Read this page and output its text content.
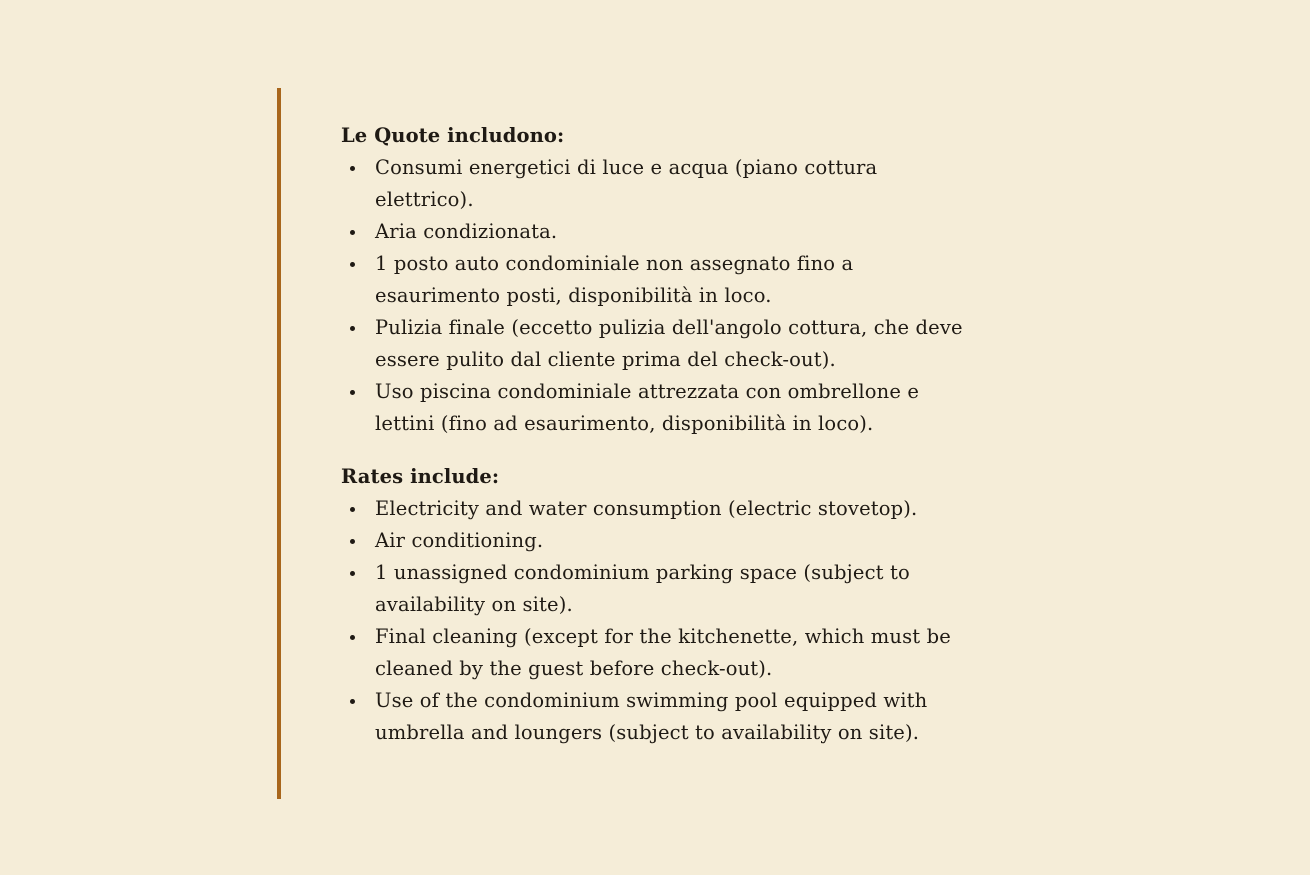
Le Quote includono:

Consumi energetici di luce e acqua (piano cottura elettrico).
Aria condizionata.
1 posto auto condominiale non assegnato fino a esaurimento posti, disponibilità in loco.
Pulizia finale (eccetto pulizia dell'angolo cottura, che deve essere pulito dal cliente prima del check-out).
Uso piscina condominiale attrezzata con ombrellone e lettini (fino ad esaurimento, disponibilità in loco).

Rates include:

Electricity and water consumption (electric stovetop).
Air conditioning.
1 unassigned condominium parking space (subject to availability on site).
Final cleaning (except for the kitchenette, which must be cleaned by the guest before check-out).
Use of the condominium swimming pool equipped with umbrella and loungers (subject to availability on site).
